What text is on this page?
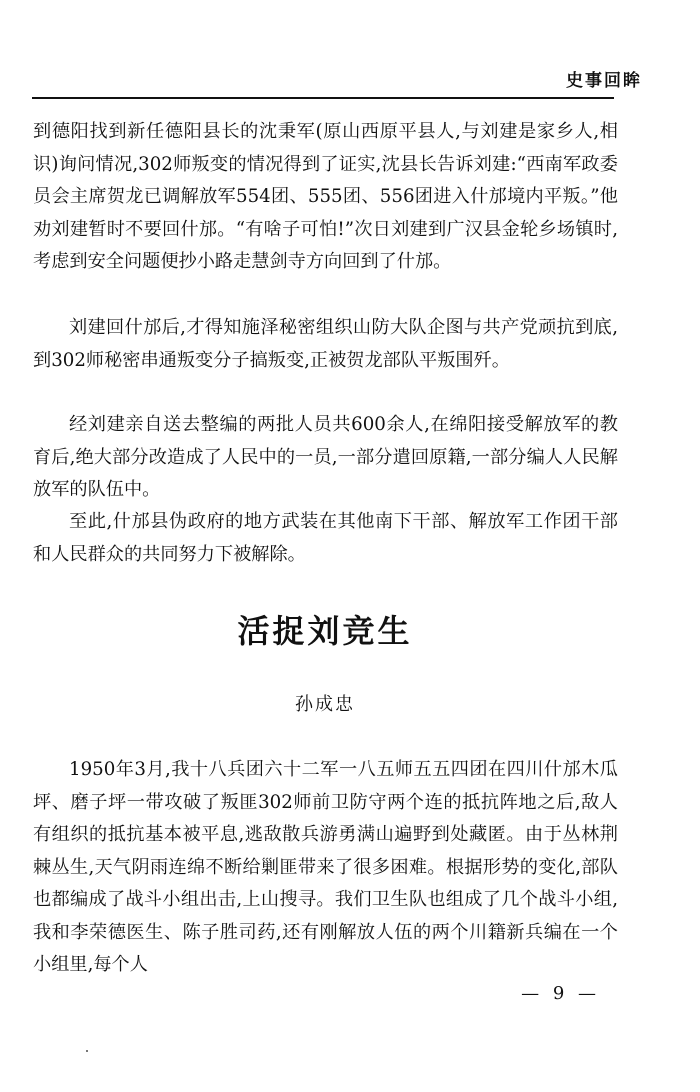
史事回眸

到德阳找到新任德阳县长的沈秉军(原山西原平县人,与刘建是家乡人,相识)询问情况,302师叛变的情况得到了证实,沈县长告诉刘建:“西南军政委员会主席贺龙已调解放军554团、555团、556团进入什邡境内平叛。”他劝刘建暂时不要回什邡。“有啥子可怕!”次日刘建到广汉县金轮乡场镇时,考虑到安全问题便抄小路走慧剑寺方向回到了什邡。

刘建回什邡后,才得知施泽秘密组织山防大队企图与共产党顽抗到底,到302师秘密串通叛变分子搞叛变,正被贺龙部队平叛围歼。

经刘建亲自送去整编的两批人员共600余人,在绵阳接受解放军的教育后,绝大部分改造成了人民中的一员,一部分遣回原籍,一部分编人人民解放军的队伍中。

至此,什邡县伪政府的地方武装在其他南下干部、解放军工作团干部和人民群众的共同努力下被解除。

活捉刘竞生
孙成忠

1950年3月,我十八兵团六十二军一八五师五五四团在四川什邡木瓜坪、磨子坪一带攻破了叛匪302师前卫防守两个连的抵抗阵地之后,敌人有组织的抵抗基本被平息,逃敌散兵游勇满山遍野到处藏匿。由于丛林荆棘丛生,天气阴雨连绵不断给剿匪带来了很多困难。根据形势的变化,部队也都编成了战斗小组出击,上山搜寻。我们卫生队也组成了几个战斗小组,我和李荣德医生、陈子胜司药,还有刚解放人伍的两个川籍新兵编在一个小组里,每个人

— 9 —
